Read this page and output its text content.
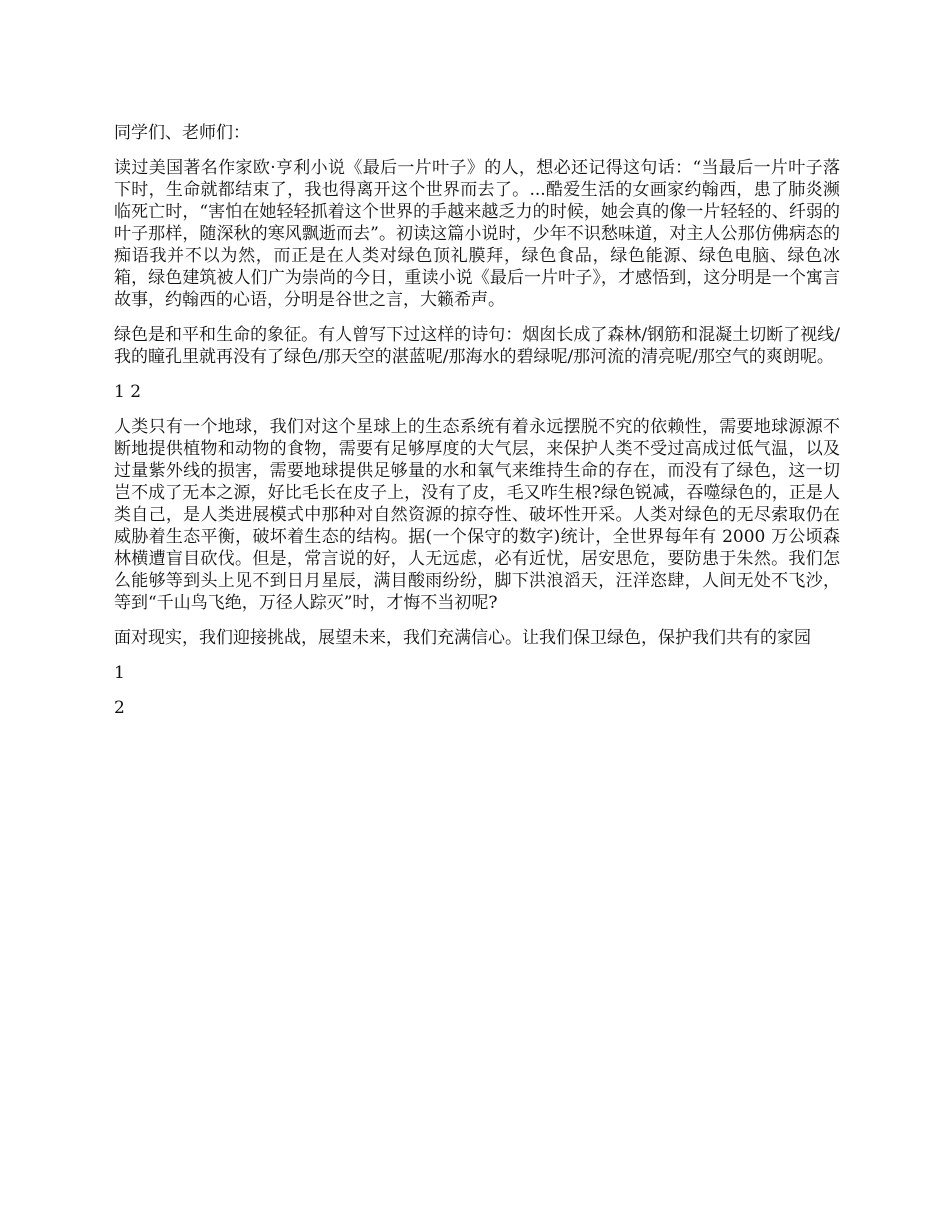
同学们、老师们：

读过美国著名作家欧·亨利小说《最后一片叶子》的人，想必还记得这句话：“当最后一片叶子落下时，生命就都结束了，我也得离开这个世界而去了。...酷爱生活的女画家约翰西，患了肺炎濒临死亡时，“害怕在她轻轻抓着这个世界的手越来越乏力的时候，她会真的像一片轻轻的、纤弱的叶子那样，随深秋的寒风飘逝而去”。初读这篇小说时，少年不识愁味道，对主人公那仿佛病态的痴语我并不以为然，而正是在人类对绿色顶礼膜拜，绿色食品，绿色能源、绿色电脑、绿色冰箱，绿色建筑被人们广为崇尚的今日，重读小说《最后一片叶子》，才感悟到，这分明是一个寓言故事，约翰西的心语，分明是谷世之言，大籁希声。

绿色是和平和生命的象征。有人曾写下过这样的诗句：烟囱长成了森林/钢筋和混凝土切断了视线/我的瞳孔里就再没有了绿色/那天空的湛蓝呢/那海水的碧绿呢/那河流的清亮呢/那空气的爽朗呢。

1 2

人类只有一个地球，我们对这个星球上的生态系统有着永远摆脱不究的依赖性，需要地球源源不断地提供植物和动物的食物，需要有足够厚度的大气层，来保护人类不受过高成过低气温，以及过量紫外线的损害，需要地球提供足够量的水和氧气来维持生命的存在，而没有了绿色，这一切岂不成了无本之源，好比毛长在皮子上，没有了皮，毛又咋生根?绿色锐减，吞噬绿色的，正是人类自己，是人类进展模式中那种对自然资源的掠夺性、破坏性开采。人类对绿色的无尽索取仍在威胁着生态平衡，破坏着生态的结构。据(一个保守的数字)统计，全世界每年有 2000 万公顷森林横遭盲目砍伐。但是，常言说的好，人无远虑，必有近忧，居安思危，要防患于朱然。我们怎么能够等到头上见不到日月星辰，满目酸雨纷纷，脚下洪浪滔天，汪洋恣肆，人间无处不飞沙，等到“千山鸟飞绝，万径人踪灭”时，才悔不当初呢?

面对现实，我们迎接挑战，展望未来，我们充满信心。让我们保卫绿色，保护我们共有的家园

1

2
